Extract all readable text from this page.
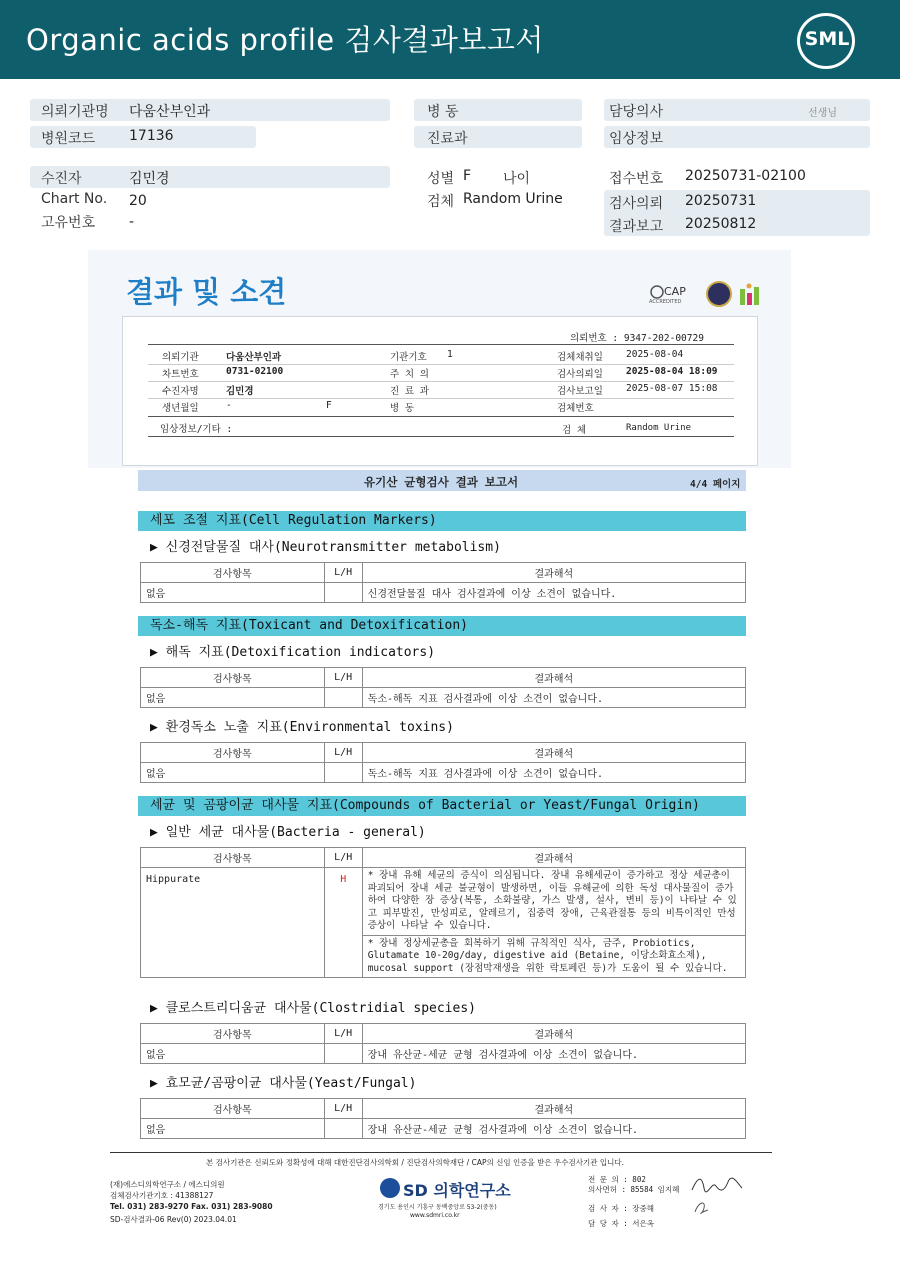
Organic acids profile 검사결과보고서	SML
의뢰기관명 다움산부인과
병원코드 17136
병 동
진료과
담당의사	선생님
임상정보
수진자	김민경
Chart No. 20
고유번호 -
성별 F 나이
검체 Random Urine
접수번호 20250731-02100
검사의뢰 20250731
결과보고 20250812
결과 및 소견	CAP
ACCREDITED
의뢰번호 : 9347-202-00729
의뢰기관	다움산부인과	기관기호 1	검체채취일 2025-08-04
차트번호	0731-02100	주 치 의	검사의뢰일 2025-08-04 18:09
수진자명	김민경	진 료 과	검사보고일 2025-08-07 15:08
생년월일	-	F	병 동	검체번호
임상정보/기타 :	검 체	Random Urine
유기산 균형검사 결과 보고서	4/4 페이지
세포 조절 지표(Cell Regulation Markers)
▶ 신경전달물질 대사(Neurotransmitter metabolism)
검사항목	L/H	결과해석
없음		신경전달물질 대사 검사결과에 이상 소견이 없습니다.
독소-해독 지표(Toxicant and Detoxification)
▶ 해독 지표(Detoxification indicators)
검사항목	L/H	결과해석
없음		독소-해독 지표 검사결과에 이상 소견이 없습니다.
▶ 환경독소 노출 지표(Environmental toxins)
검사항목	L/H	결과해석
없음		독소-해독 지표 검사결과에 이상 소견이 없습니다.
세균 및 곰팡이균 대사물 지표(Compounds of Bacterial or Yeast/Fungal Origin)
▶ 일반 세균 대사물(Bacteria - general)
검사항목	L/H	결과해석
Hippurate	H	* 장내 유해 세균의 증식이 의심됩니다. 장내 유해세균이 증가하고 정상 세균총이 파괴되어 장내 세균 불균형이 발생하면, 이들 유해균에 의한 독성 대사물질이 증가하여 다양한 장 증상(복통, 소화불량, 가스 발생, 설사, 변비 등)이 나타날 수 있고 피부발진, 만성피로, 알레르기, 집중력 장애, 근육관절통 등의 비특이적인 만성증상이 나타날 수 있습니다.
		* 장내 정상세균총을 회복하기 위해 규칙적인 식사, 금주, Probiotics, Glutamate 10-20g/day, digestive aid (Betaine, 이당소화효소제), mucosal support (장점막재생을 위한 락토페린 등)가 도움이 될 수 있습니다.
▶ 클로스트리디움균 대사물(Clostridial species)
검사항목	L/H	결과해석
없음		장내 유산균-세균 균형 검사결과에 이상 소견이 없습니다.
▶ 효모균/곰팡이균 대사물(Yeast/Fungal)
검사항목	L/H	결과해석
없음		장내 유산균-세균 균형 검사결과에 이상 소견이 없습니다.
본 검사기관은 신뢰도와 정확성에 대해 대한진단검사의학회 / 진단검사의학재단 / CAP의 신임 인증을 받은 우수검사기관 입니다.
(재)에스디의학연구소 / 에스디의원
검체검사기관기호 : 41388127
Tel. 031) 283-9270 Fax. 031) 283-9080
SD-검사결과-06 Rev(0) 2023.04.01
SD 의학연구소
경기도 용인시 기흥구 동백중앙로 53-2(중동)
www.sdmri.co.kr
전 문 의 : 802
의사면허 : 85584 임지혜
검 사 자 : 장중해
담 당 자 : 서은옥
